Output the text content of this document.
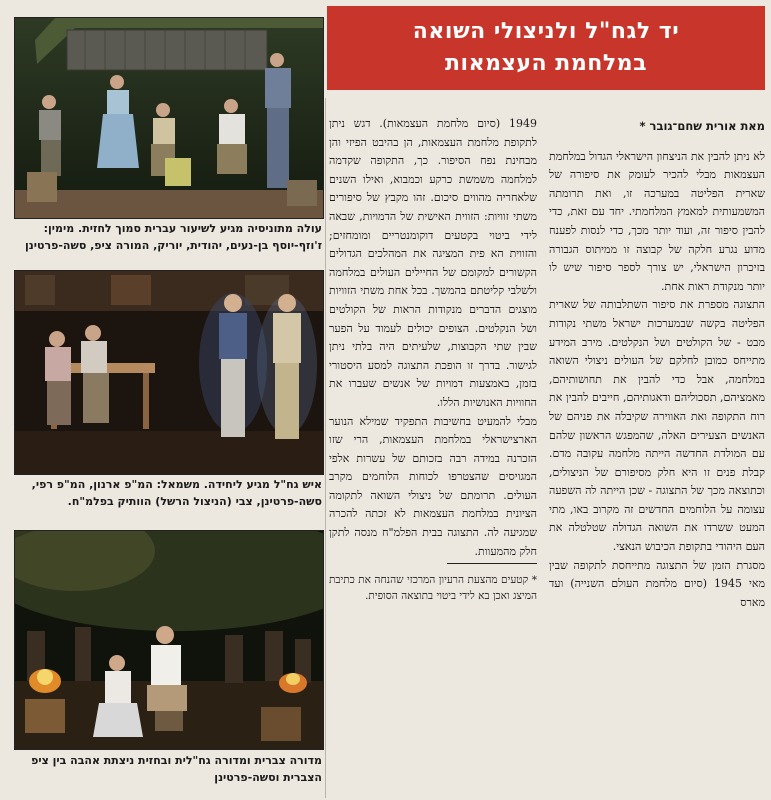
יד לגח"ל ולניצולי השואה
במלחמת העצמאות
עולה מתוניסיה מגיע לשיעור עברית סמוך לחזית. מימין: ז'וזף-יוסף בן-נעים, יהודית, יוריק, המורה ציפ, סשה-פרטינן
איש גח"ל מגיע ליחידה. משמאל: המ"פ ארנון, המ"פ רפי, סשה-פרטינן, צבי (הניצול הרשל) הוותיק בפלמ"ח.
מדורה צברית ומדורה גח"לית ובחזית ניצתת אהבה בין ציפ הצברית וסשה-פרטינן

מאת אורית שחם־גובר *

לא ניתן להבין את הניצחון הישראלי הגדול במלחמת העצמאות מבלי להכיר לעומק את סיפורה של שארית הפליטה במערכה זו, ואת תרומתה המשמעותית למאמץ המלחמתי. יחד עם זאת, כדי להבין סיפור זה, ועוד יותר מכך, כדי לנסות לפענח מדוע נגרע חלקה של קבוצה זו ממיתוס הגבורה בזיכרון הישראלי, יש צורך לספר סיפור שיש לו יותר מנקודת ראות אחת.

התצוגה מספרת את סיפור השתלבותה של שארית הפליטה בקשה שבמערכות ישראל משתי נקודות מבט - של הקולטים ושל הנקלטים. מירב המידע מתייחס כמובן לחלקם של העולים ניצולי השואה במלחמה, אבל כדי להבין את תחושותיהם, מאמציהם, תסכוליהם ודאגותיהם, חייבים להבין את רוח התקופה ואת האווירה שקיבלה את פניהם של האנשים הצעירים האלה, שהמפגש הראשון שלהם עם המולדת החדשה הייתה מלחמה עקובה מדם. קבלת פנים זו היא חלק מסיפורם של הניצולים, וכתוצאה מכך של התצוגה - שכן הייתה לה השפעה עצומה על הלוחמים החדשים זה מקרוב באו, מתי המעט ששרדו את השואה הגדולה שטלטלה את העם היהודי בתקופת הכיבוש הנאצי.

מסגרת הזמן של התצוגה מתייחסת לתקופה שבין מאי 1945 (סיום מלחמת העולם השנייה) ועד מארס

1949 (סיום מלחמת העצמאות). דגש ניתן לתקופת מלחמת העצמאות, הן בהיבט הפיזי והן מבחינת נפח הסיפור. כך, התקופה שקדמה למלחמה משמשת כרקע וכמבוא, ואילו השנים שלאחריה מהווים סיכום. זהו מקבץ של סיפורים משתי זוויות: הזווית האישית של הדמויות, שבאה לידי ביטוי בקטעים דוקומנטריים ומומחזים; והזווית הא פית המציגה את המהלכים הגדולים הקשורים למקומם של החיילים העולים במלחמה ולשלבי קליטתם בהמשך. בכל אחת משתי הזוויות מוצגים הדברים מנקודות הראות של הקולטים ושל הנקלטים. הצופים יכולים לעמוד על הפער שבין שתי הקבוצות, שלעיתים היה בלתי ניתן לגישור. בדרך זו הופכת התצוגה למסע היסטורי בזמן, באמצעות דמויות של אנשים שעברו את החוויות האנושיות הללו.

מבלי להמעיט בחשיבות התפקיד שמילא הנוער הארצישראלי במלחמת העצמאות, הרי שזו הזכרנה במידה רבה בזכותם של עשרות אלפי המגויסים שהצטרפו לכוחות הלוחמים מקרב העולים. תרומתם של ניצולי השואה לתקומה הציונית במלחמת העצמאות לא זכתה להכרה שמגיעה לה. התצוגה בבית הפלמ"ח מנסה לתקן חלק מהמעוות.

* קטעים מהצעת הרעיון המרכזי שהנחה את כתיבת המיצג ואכן בא לידי ביטוי בתוצאה הסופית.
